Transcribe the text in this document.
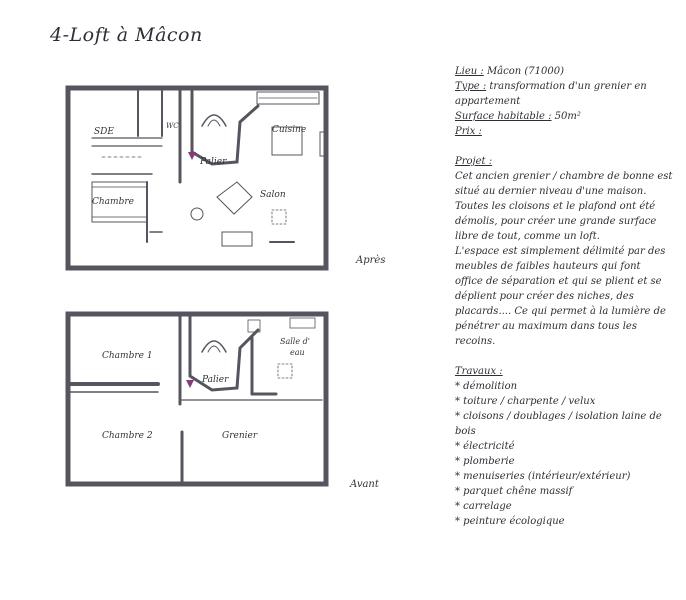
4-Loft à Mâcon
SDE
WC
Palier
Cuisine
Chambre
Salon
Après
Chambre 1
Palier
Salle d'
eau
Chambre 2	Grenier
Avant
Lieu : Mâcon (71000)
Type : transformation d'un grenier en
appartement
Surface habitable : 50m²
Prix :
Projet :
Cet ancien grenier / chambre de bonne est
situé au dernier niveau d'une maison.
Toutes les cloisons et le plafond ont été
démolis, pour créer une grande surface
libre de tout, comme un loft.
L'espace est simplement délimité par des
meubles de faibles hauteurs qui font
office de séparation et qui se plient et se
déplient pour créer des niches, des
placards.... Ce qui permet à la lumière de
pénétrer au maximum dans tous les
recoins.
Travaux :
* démolition
* toiture / charpente / velux
* cloisons / doublages / isolation laine de
bois
* électricité
* plomberie
* menuiseries (intérieur/extérieur)
* parquet chêne massif
* carrelage
* peinture écologique
